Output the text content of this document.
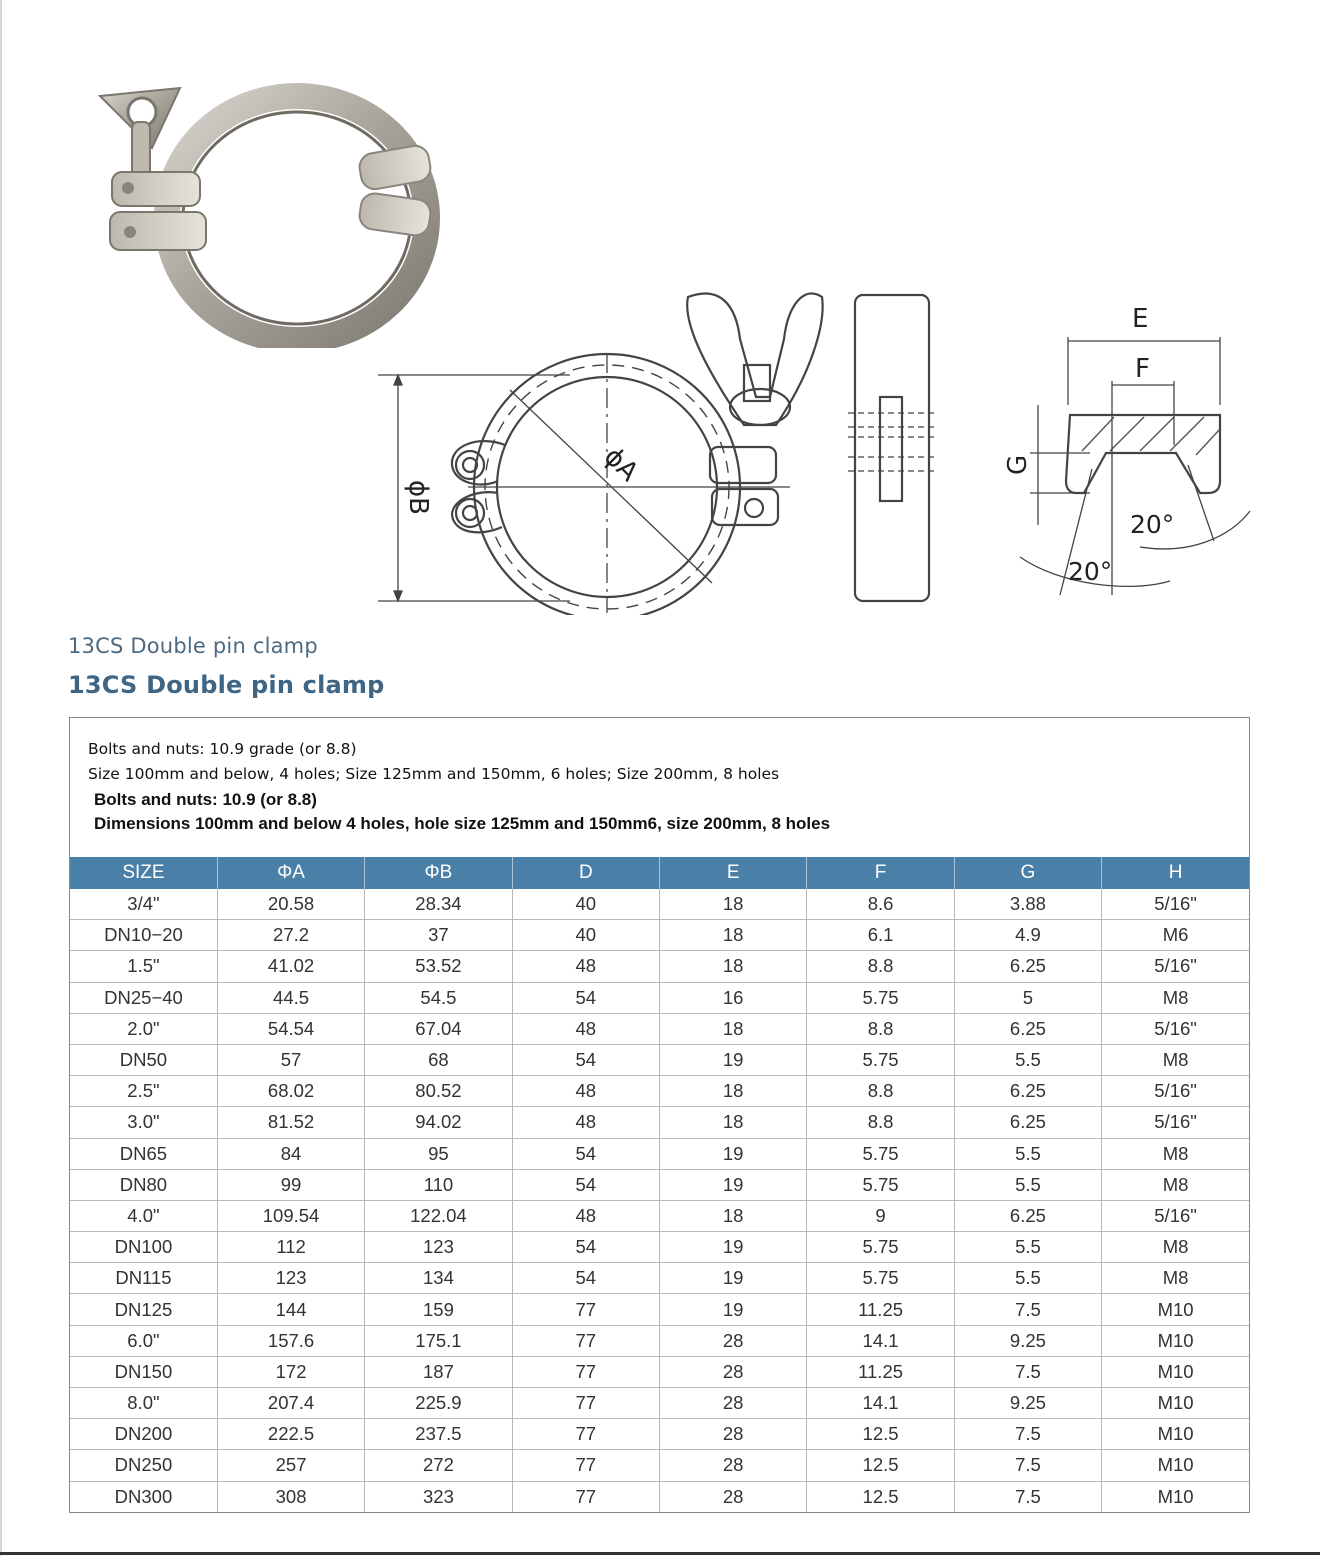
ϕA
ϕB
E
F
G
20°
20°
13CS Double pin clamp
13CS Double pin clamp
Bolts and nuts: 10.9 grade (or 8.8)
Size 100mm and below, 4 holes; Size 125mm and 150mm, 6 holes; Size 200mm, 8 holes
Bolts and nuts: 10.9 (or 8.8)
Dimensions 100mm and below 4 holes, hole size 125mm and 150mm6, size 200mm, 8 holes
SIZE	ΦA	ΦB	D	E	F	G	H
3/4"	20.58	28.34	40	18	8.6	3.88	5/16"
DN10−20	27.2	37	40	18	6.1	4.9	M6
1.5"	41.02	53.52	48	18	8.8	6.25	5/16"
DN25−40	44.5	54.5	54	16	5.75	5	M8
2.0"	54.54	67.04	48	18	8.8	6.25	5/16"
DN50	57	68	54	19	5.75	5.5	M8
2.5"	68.02	80.52	48	18	8.8	6.25	5/16"
3.0"	81.52	94.02	48	18	8.8	6.25	5/16"
DN65	84	95	54	19	5.75	5.5	M8
DN80	99	110	54	19	5.75	5.5	M8
4.0"	109.54	122.04	48	18	9	6.25	5/16"
DN100	112	123	54	19	5.75	5.5	M8
DN115	123	134	54	19	5.75	5.5	M8
DN125	144	159	77	19	11.25	7.5	M10
6.0"	157.6	175.1	77	28	14.1	9.25	M10
DN150	172	187	77	28	11.25	7.5	M10
8.0"	207.4	225.9	77	28	14.1	9.25	M10
DN200	222.5	237.5	77	28	12.5	7.5	M10
DN250	257	272	77	28	12.5	7.5	M10
DN300	308	323	77	28	12.5	7.5	M10
